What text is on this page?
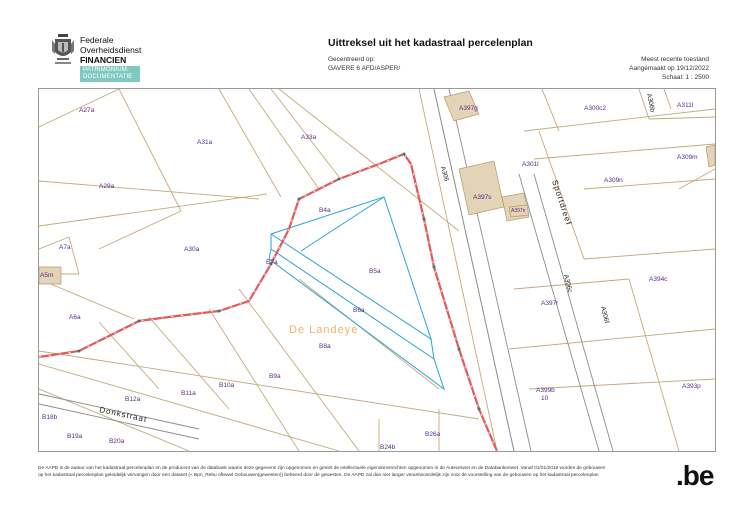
Federale
Overheidsdienst
FINANCIEN
PATRIMONIUM-
DOCUMENTATIE
Uittreksel uit het kadastraal percelenplan
Gecentreerd op:
GAVERE 6 AFD/ASPER/
Meest recente toestand
Aangemaakt op 19/12/2022
Schaal: 1 : 2500
A306
Sportdreef
Donkstraat
A306b
A306c
A306f
De Landeye
A27a
A31a
A33a
A397g	A300c2	A311l
A29a
A301l
A309m
B4a
A397s
A397n
A309n
A7a	A30a
B7a
B5a
A5m
A394c
A6a
B6a
A397r
B8a
A393p
B9a
A399b
10
B12a
B11a
B10a
B18b
B19a
B20a
B24b
B26a
De AAPD is de auteur van het kadastraal percelenplan en de producent van de databank waarin deze gegevens zijn opgenomen en geniet de intellectuele eigendomsrechten opgenomen in de Auteurswet en de Databankenwet. Vanaf 01/01/2018 worden de gebouwen
op het kadastraal percelenplan geleidelijk vervangen door een dataset (« Bpn_Rebu oftewel Gebouwen(gewesten)) beheerd door de gewesten. De AAPD zal dan niet langer verantwoordelijk zijn voor de voorstelling van de gebouwen op het kadastraal percelenplan	.be
